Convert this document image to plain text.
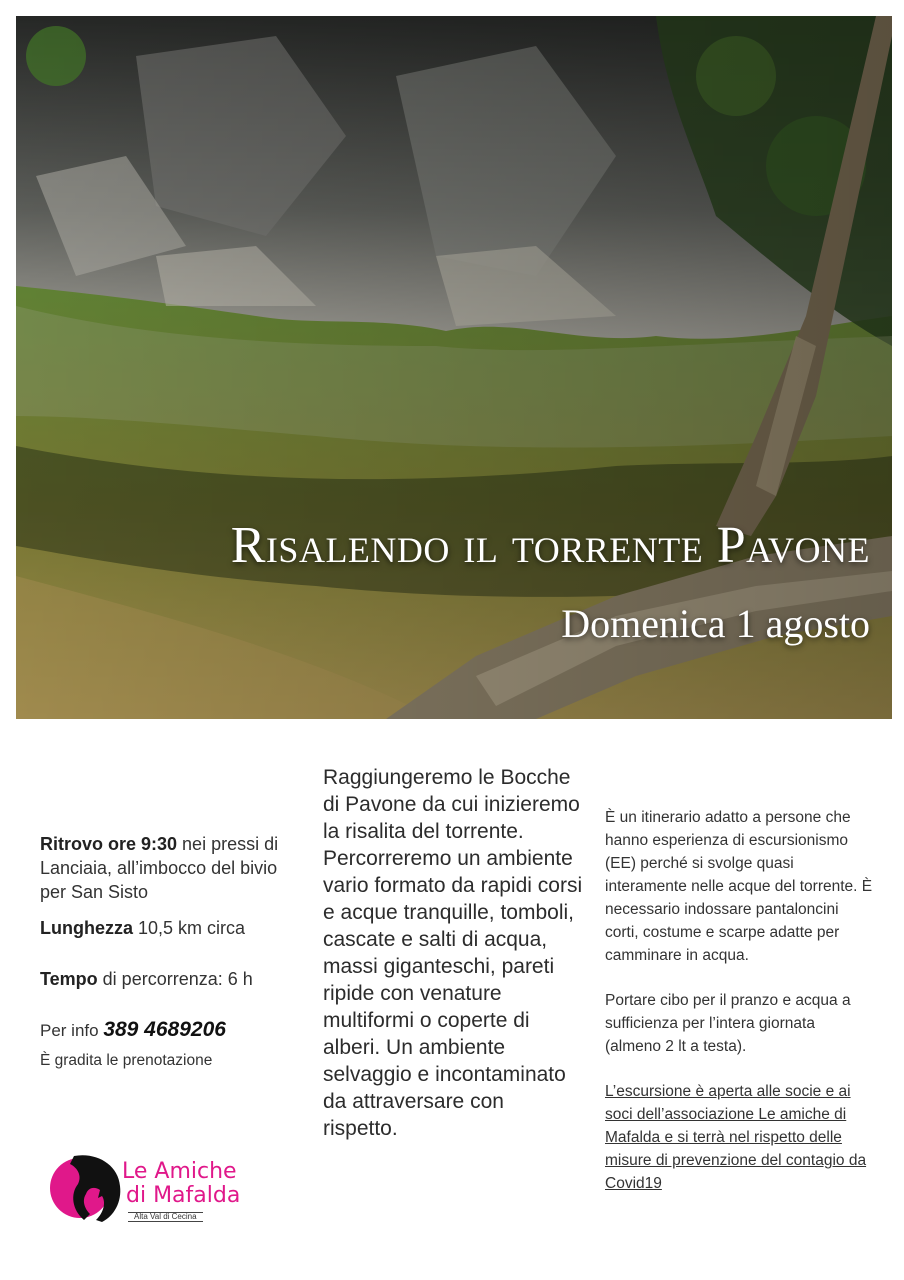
Risalendo il torrente Pavone
Domenica 1 agosto

Ritrovo ore 9:30 nei pressi di Lanciaia, all’imbocco del bivio per San Sisto

Lunghezza 10,5 km circa

Tempo di percorrenza: 6 h

Per info 389 4689206

È gradita le prenotazione

Raggiungeremo le Bocche di Pavone da cui inizieremo la risalita del torrente. Percorreremo un ambiente vario formato da rapidi corsi e acque tranquille, tomboli, cascate e salti di acqua, massi giganteschi, pareti ripide con venature multiformi o coperte di alberi. Un ambiente selvaggio e incontaminato da attraversare con rispetto.

È un itinerario adatto a persone che hanno esperienza di escursionismo (EE) perché si svolge quasi interamente nelle acque del torrente. È necessario indossare pantaloncini corti, costume e scarpe adatte per camminare in acqua.

Portare cibo per il pranzo e acqua a sufficienza per l’intera giornata (almeno 2 lt a testa).

L’escursione è aperta alle socie e ai soci dell’associazione Le amiche di Mafalda e si terrà nel rispetto delle misure di prevenzione del contagio da Covid19

Le Amiche
di Mafalda
Alta Val di Cecina
